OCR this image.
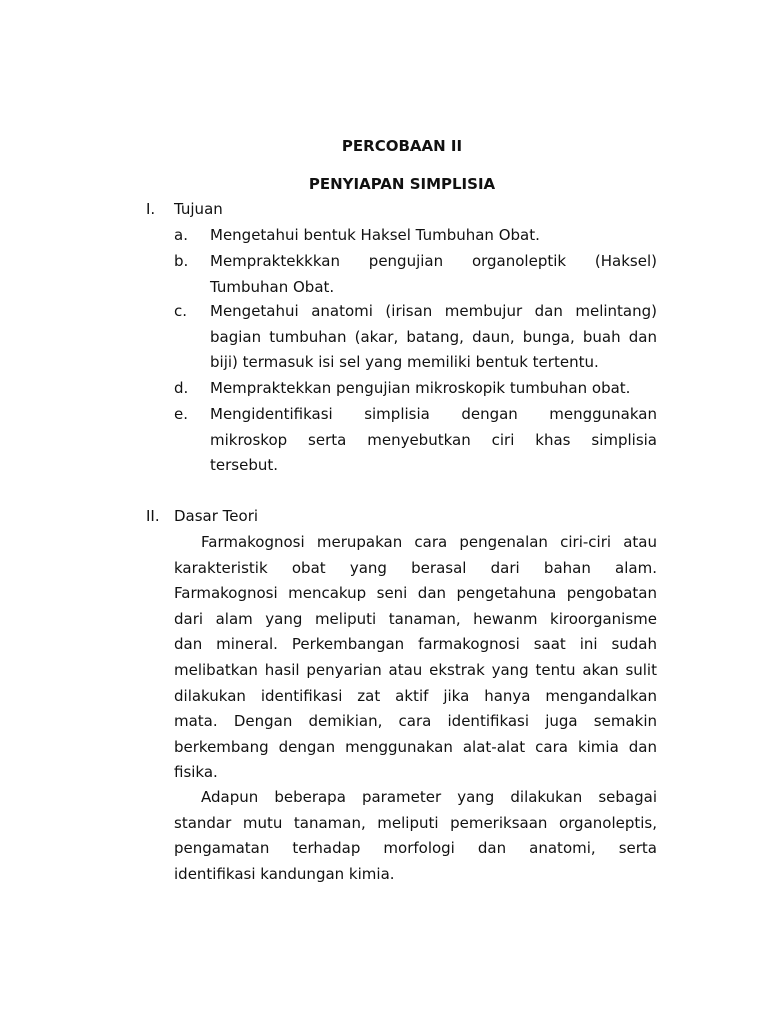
PERCOBAAN II
PENYIAPAN SIMPLISIA
I. Tujuan
a. Mengetahui bentuk Haksel Tumbuhan Obat.
b. Mempraktekkkan pengujian organoleptik (Haksel)
Tumbuhan Obat.
c. Mengetahui anatomi (irisan membujur dan melintang)
bagian tumbuhan (akar, batang, daun, bunga, buah dan
biji) termasuk isi sel yang memiliki bentuk tertentu.
d. Mempraktekkan pengujian mikroskopik tumbuhan obat.
e. Mengidentifikasi simplisia dengan menggunakan
mikroskop serta menyebutkan ciri khas simplisia
tersebut.
II. Dasar Teori
Farmakognosi merupakan cara pengenalan ciri-ciri atau
karakteristik obat yang berasal dari bahan alam.
Farmakognosi mencakup seni dan pengetahuna pengobatan
dari alam yang meliputi tanaman, hewanm kiroorganisme
dan mineral. Perkembangan farmakognosi saat ini sudah
melibatkan hasil penyarian atau ekstrak yang tentu akan sulit
dilakukan identifikasi zat aktif jika hanya mengandalkan
mata. Dengan demikian, cara identifikasi juga semakin
berkembang dengan menggunakan alat-alat cara kimia dan
fisika.
Adapun beberapa parameter yang dilakukan sebagai
standar mutu tanaman, meliputi pemeriksaan organoleptis,
pengamatan terhadap morfologi dan anatomi, serta
identifikasi kandungan kimia.
